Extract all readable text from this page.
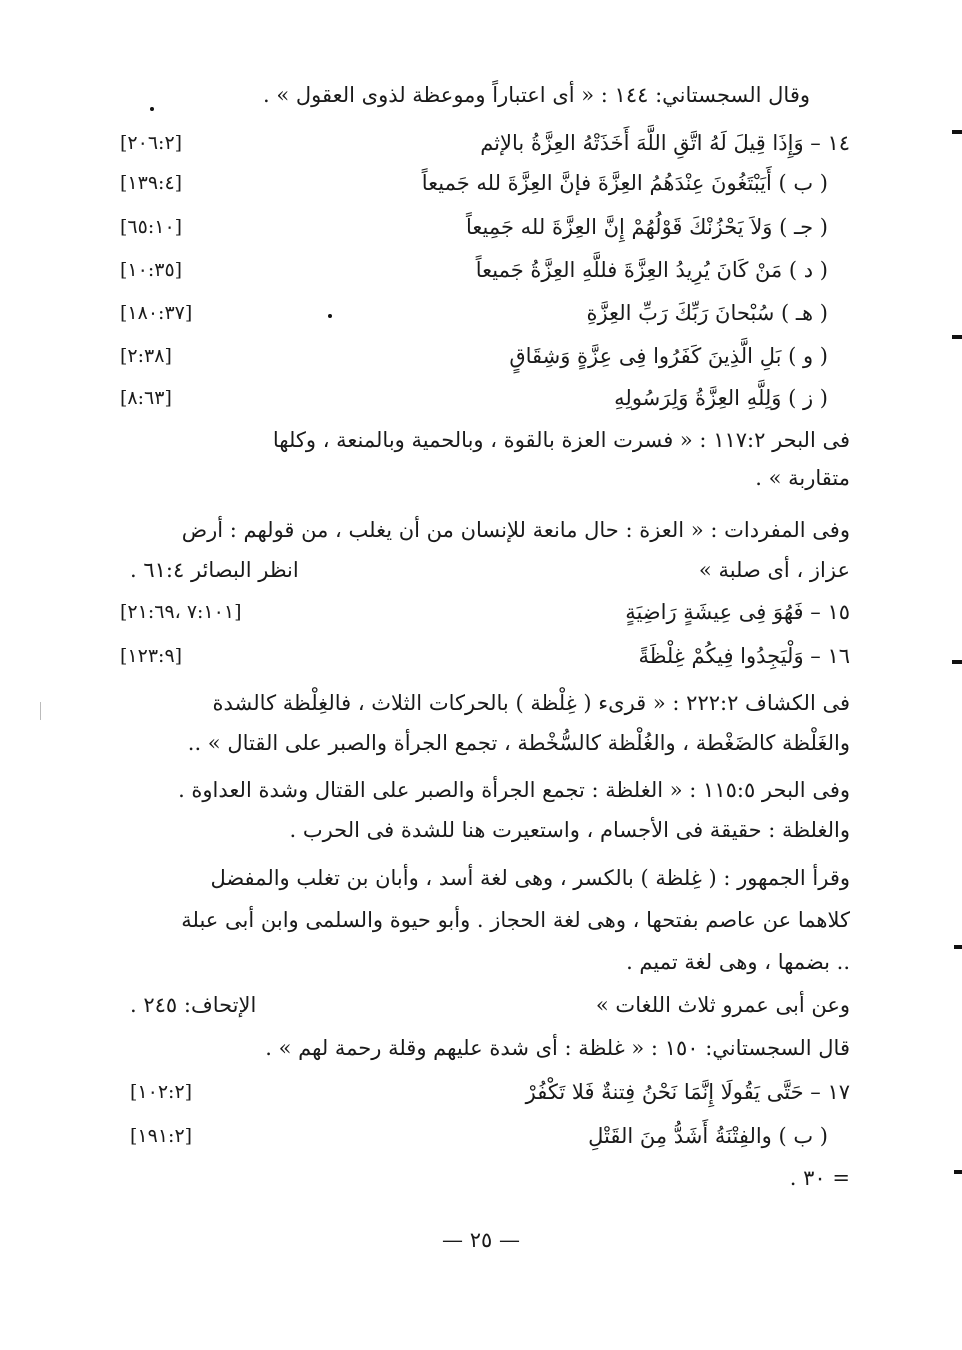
وقال السجستاني: ١٤٤ : « أى اعتباراً وموعظة لذوى العقول » .
١٤ – وَإِذَا قِيلَ لَهُ اتَّقِ اللَّهَ أَخَذَتْهُ العِزَّةُ بالإثم
[٢٠٦:٢]
( ب ) أَيَبْتَغُونَ عِنْدَهُمُ العِزَّةَ فإنَّ العِزَّةَ لله جَميعاً
[١٣٩:٤]
( جـ ) وَلاَ يَحْزُنْكَ قَوْلُهُمْ إِنَّ العِزَّةَ لله جَمِيعاً
[٦٥:١٠]
( د ) مَنْ كَانَ يُرِيدُ العِزَّةَ فللَّهِ العِزَّةُ جَميعاً
[١٠:٣٥]
( هـ ) سُبْحانَ رَبِّكَ رَبِّ العِزَّةِ
[١٨٠:٣٧]
( و ) بَلِ الَّذِينَ كَفَرُوا فِى عِزَّةٍ وَشِقَاقٍ
[٢:٣٨]
( ز ) وَلِلَّهِ العِزَّةُ وَلِرَسُولِهِ
[٨:٦٣]
فى البحر ١١٧:٢ : « فسرت العزة بالقوة ، وبالحمية وبالمنعة ، وكلها
متقاربة » .
وفى المفردات : « العزة : حال مانعة للإنسان من أن يغلب ، من قولهم : أرض
عزاز ، أى صلبة »
انظر البصائر ٦١:٤ .
١٥ – فَهُوَ فِى عِيشَةٍ رَاضِيَةٍ
[٧:١٠١ ،٢١:٦٩]
١٦ – وَلْيَجِدُوا فِيكُمْ غِلْظَةً
[١٢٣:٩]
فى الكشاف ٢٢٢:٢ : « قرىء ( غِلْظة ) بالحركات الثلاث ، فالغِلْظة كالشدة
والغَلْظة كالضَغْطة ، والغُلْظة كالسُّخْطة ، تجمع الجرأة والصبر على القتال » ..
وفى البحر ١١٥:٥ : « الغلظة : تجمع الجرأة والصبر على القتال وشدة العداوة .
والغلظة : حقيقة فى الأجسام ، واستعيرت هنا للشدة فى الحرب .
وقرأ الجمهور : ( غِلظة ) بالكسر ، وهى لغة أسد ، وأبان بن تغلب والمفضل
كلاهما عن عاصم بفتحها ، وهى لغة الحجاز . وأبو حيوة والسلمى وابن أبى عبلة
.. بضمها ، وهى لغة تميم .
وعن أبى عمرو ثلاث اللغات »
الإتحاف: ٢٤٥ .
قال السجستاني: ١٥٠ : « غلظة : أى شدة عليهم وقلة رحمة لهم » .
١٧ – حَتَّى يَقُولَا إِنَّمَا نَحْنُ فِتنةٌ فَلا تَكْفُرْ
[١٠٢:٢]
( ب ) والفِتْنَةُ أَشَدُّ مِنَ القَتْلِ
[١٩١:٢]
= ٣٠ .
— ٢٥ —
